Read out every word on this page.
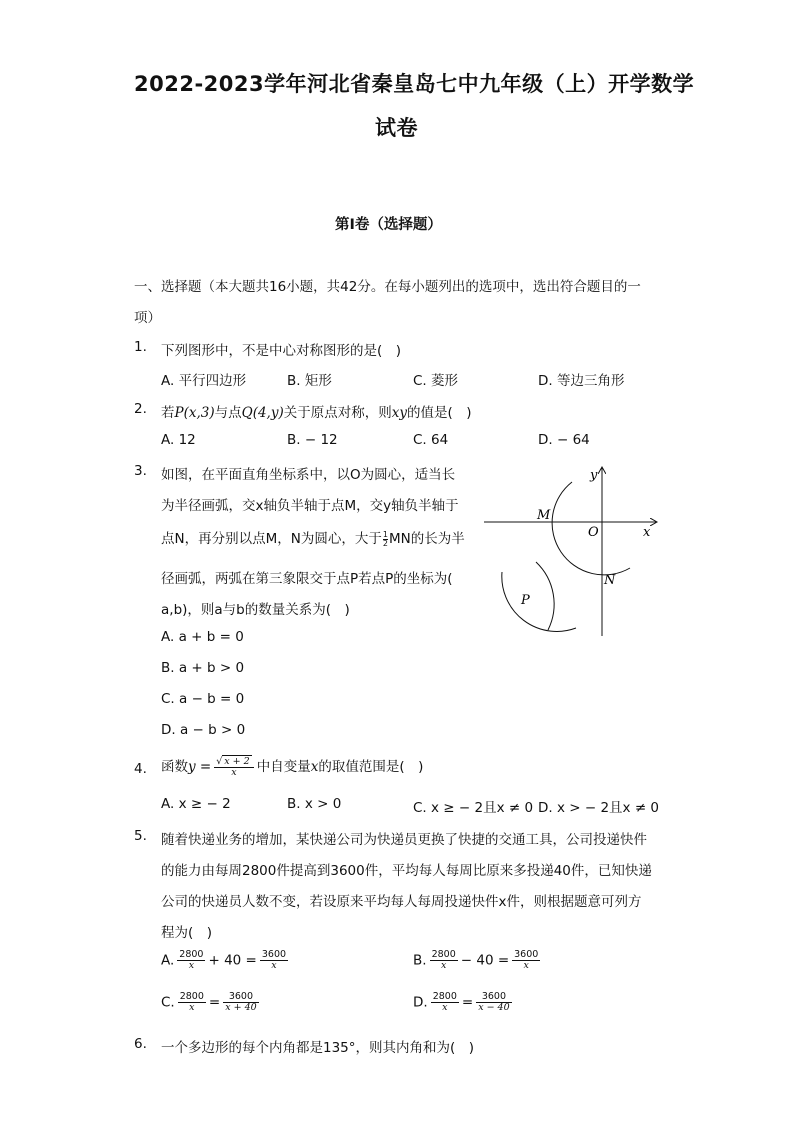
2022-2023学年河北省秦皇岛七中九年级（上）开学数学
试卷
第I卷（选择题）
一、选择题（本大题共16小题，共42分。在每小题列出的选项中，选出符合题目的一
项）
1. 下列图形中，不是中心对称图形的是(　)
A. 平行四边形	B. 矩形	C. 菱形	D. 等边三角形
2. 若P(x,3)与点Q(4,y)关于原点对称，则xy的值是(　)
A. 12	B. − 12	C. 64	D. − 64
3. 如图，在平面直角坐标系中，以O为圆心，适当长
为半径画弧，交x轴负半轴于点M，交y轴负半轴于
点N，再分别以点M，N为圆心，大于 $\frac{1}{2}MN$的长为半
径画弧，两弧在第三象限交于点P若点P的坐标为(
a,b)，则a与b的数量关系为(　)
A. a + b = 0
B. a + b > 0
C. a − b = 0
D. a − b > 0
y
x
O
M
N
P
4. 函数$y = \frac{√ x + 2}{x}$ 中自变量x的取值范围是(　)
A. x ≥ − 2	B. x > 0	C. x ≥ − 2且x ≠ 0 D. x > − 2且x ≠ 0
5. 随着快递业务的增加，某快递公司为快递员更换了快捷的交通工具，公司投递快件
的能力由每周2800件提高到3600件，平均每人每周比原来多投递40件，已知快递
公司的快递员人数不变，若设原来平均每人每周投递快件x件，则根据题意可列方
程为(　)
A. $\frac{2800}{x} + 40 = \frac{3600}{x}$	B. $\frac{2800}{x} - 40 = \frac{3600}{x}$
C. $\frac{2800}{x} = \frac{3600}{x + 40}$	D. $\frac{2800}{x} = \frac{3600}{x - 40}$
6. 一个多边形的每个内角都是135°，则其内角和为(　)
